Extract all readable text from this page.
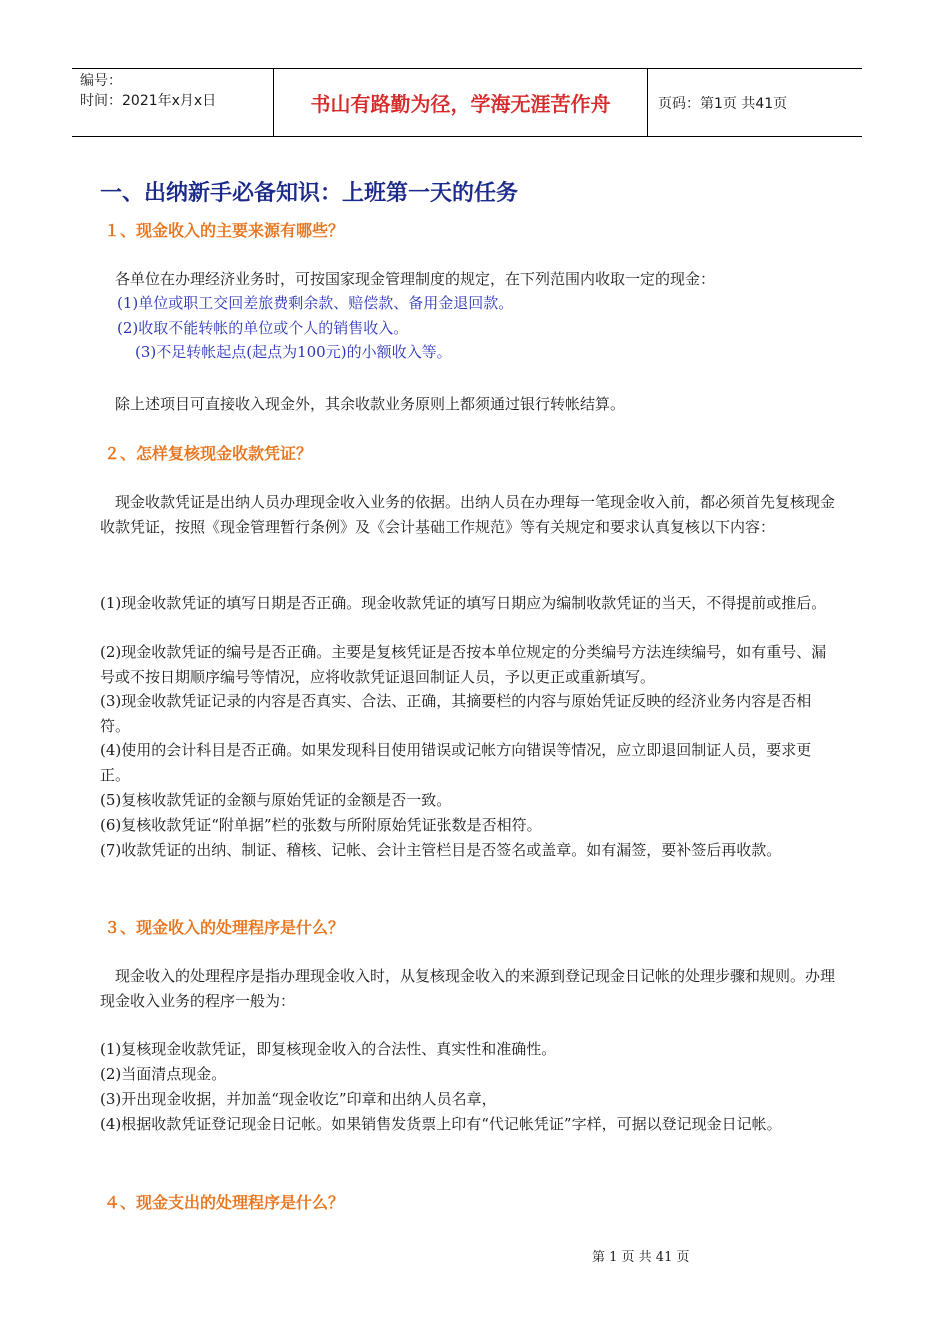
编号：
时间：2021年x月x日	书山有路勤为径，学海无涯苦作舟	页码：第1页 共41页
一、出纳新手必备知识：上班第一天的任务
１、现金收入的主要来源有哪些？

　各单位在办理经济业务时，可按国家现金管理制度的规定，在下列范围内收取一定的现金：

(1)单位或职工交回差旅费剩余款、赔偿款、备用金退回款。

(2)收取不能转帐的单位或个人的销售收入。

(3)不足转帐起点(起点为100元)的小额收入等。

　除上述项目可直接收入现金外，其余收款业务原则上都须通过银行转帐结算。

２、怎样复核现金收款凭证？

　现金收款凭证是出纳人员办理现金收入业务的依据。出纳人员在办理每一笔现金收入前，都必须首先复核现金收款凭证，按照《现金管理暂行条例》及《会计基础工作规范》等有关规定和要求认真复核以下内容：

(1)现金收款凭证的填写日期是否正确。现金收款凭证的填写日期应为编制收款凭证的当天，不得提前或推后。

(2)现金收款凭证的编号是否正确。主要是复核凭证是否按本单位规定的分类编号方法连续编号，如有重号、漏号或不按日期顺序编号等情况，应将收款凭证退回制证人员，予以更正或重新填写。

(3)现金收款凭证记录的内容是否真实、合法、正确，其摘要栏的内容与原始凭证反映的经济业务内容是否相符。

(4)使用的会计科目是否正确。如果发现科目使用错误或记帐方向错误等情况，应立即退回制证人员，要求更正。

(5)复核收款凭证的金额与原始凭证的金额是否一致。

(6)复核收款凭证“附单据”栏的张数与所附原始凭证张数是否相符。

(7)收款凭证的出纳、制证、稽核、记帐、会计主管栏目是否签名或盖章。如有漏签，要补签后再收款。

３、现金收入的处理程序是什么？

　现金收入的处理程序是指办理现金收入时，从复核现金收入的来源到登记现金日记帐的处理步骤和规则。办理现金收入业务的程序一般为：

(1)复核现金收款凭证，即复核现金收入的合法性、真实性和准确性。

(2)当面清点现金。

(3)开出现金收据，并加盖“现金收讫”印章和出纳人员名章，

(4)根据收款凭证登记现金日记帐。如果销售发货票上印有“代记帐凭证”字样，可据以登记现金日记帐。

４、现金支出的处理程序是什么？
第 1 页 共 41 页
